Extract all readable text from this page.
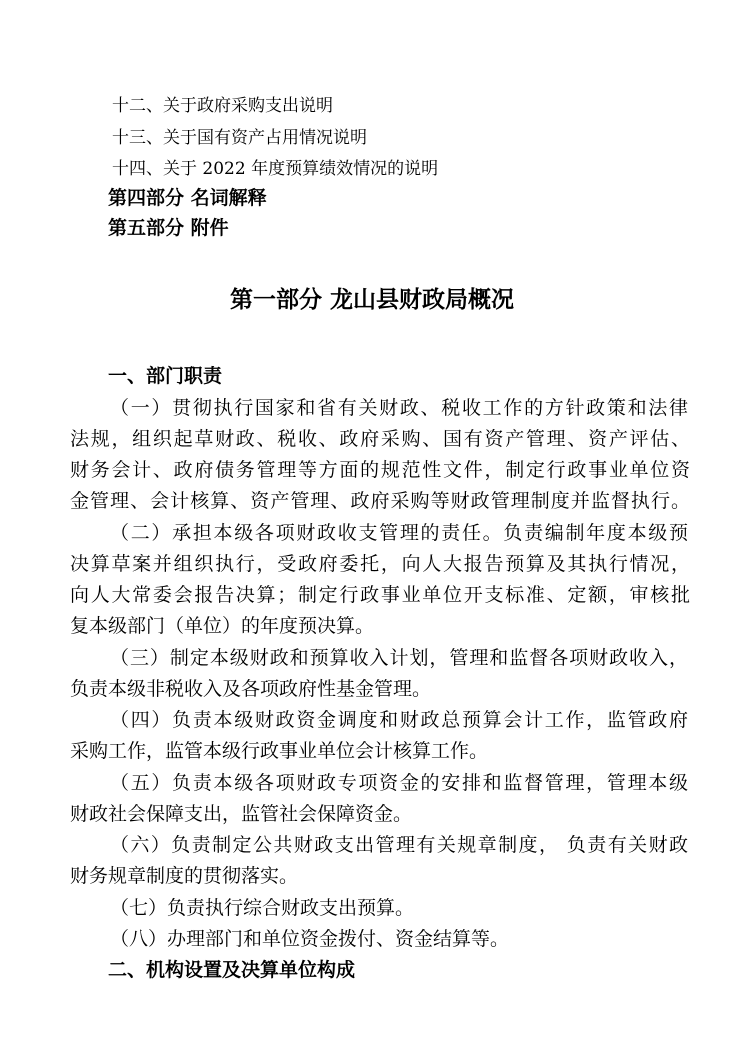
十二、关于政府采购支出说明
十三、关于国有资产占用情况说明
十四、关于 2022 年度预算绩效情况的说明
第四部分 名词解释
第五部分 附件
第一部分 龙山县财政局概况
一、部门职责
（一）贯彻执行国家和省有关财政、税收工作的方针政策和法律
法规，组织起草财政、税收、政府采购、国有资产管理、资产评估、
财务会计、政府债务管理等方面的规范性文件，制定行政事业单位资
金管理、会计核算、资产管理、政府采购等财政管理制度并监督执行。
（二）承担本级各项财政收支管理的责任。负责编制年度本级预
决算草案并组织执行，受政府委托，向人大报告预算及其执行情况，
向人大常委会报告决算；制定行政事业单位开支标准、定额，审核批
复本级部门（单位）的年度预决算。
（三）制定本级财政和预算收入计划，管理和监督各项财政收入，
负责本级非税收入及各项政府性基金管理。
（四）负责本级财政资金调度和财政总预算会计工作，监管政府
采购工作，监管本级行政事业单位会计核算工作。
（五）负责本级各项财政专项资金的安排和监督管理，管理本级
财政社会保障支出，监管社会保障资金。
（六）负责制定公共财政支出管理有关规章制度， 负责有关财政
财务规章制度的贯彻落实。
（七）负责执行综合财政支出预算。
（八）办理部门和单位资金拨付、资金结算等。
二、机构设置及决算单位构成
